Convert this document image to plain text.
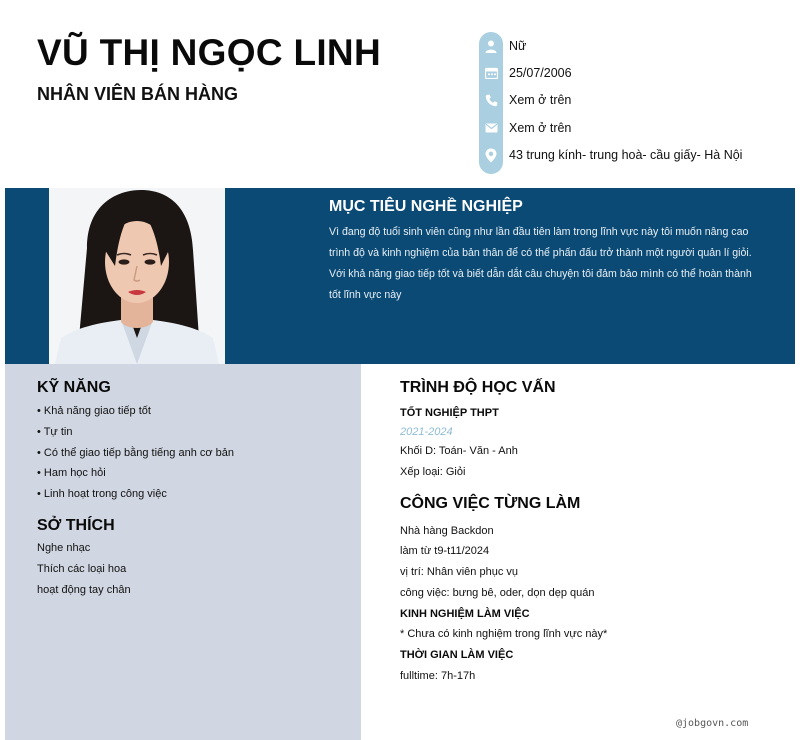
VŨ THỊ NGỌC LINH
NHÂN VIÊN BÁN HÀNG
Nữ
25/07/2006
Xem ở trên
Xem ở trên
43 trung kính- trung hoà- cầu giấy- Hà Nội
MỤC TIÊU NGHỀ NGHIỆP

Vì đang độ tuổi sinh viên cũng như lần đầu tiên làm trong lĩnh vực này tôi muốn nâng cao trình độ và kinh nghiệm của bản thân để có thể phấn đấu trở thành một người quản lí giỏi. Với khả năng giao tiếp tốt và biết dẫn dắt câu chuyện tôi đảm bảo mình có thể hoàn thành tốt lĩnh vực này

KỸ NĂNG
• Khả năng giao tiếp tốt
• Tự tin
• Có thể giao tiếp bằng tiếng anh cơ bản
• Ham học hỏi
• Linh hoạt trong công việc
SỞ THÍCH
Nghe nhạc
Thích các loại hoa
hoạt động tay chân
TRÌNH ĐỘ HỌC VẤN
TỐT NGHIỆP THPT
2021-2024
Khối D: Toán- Văn - Anh
Xếp loại: Giỏi
CÔNG VIỆC TỪNG LÀM
Nhà hàng Backdon
làm từ t9-t11/2024
vị trí: Nhân viên phục vụ
công việc: bưng bê, oder, dọn dẹp quán
KINH NGHIỆM LÀM VIỆC
* Chưa có kinh nghiệm trong lĩnh vực này*
THỜI GIAN LÀM VIỆC
fulltime: 7h-17h
@jobgovn.com
